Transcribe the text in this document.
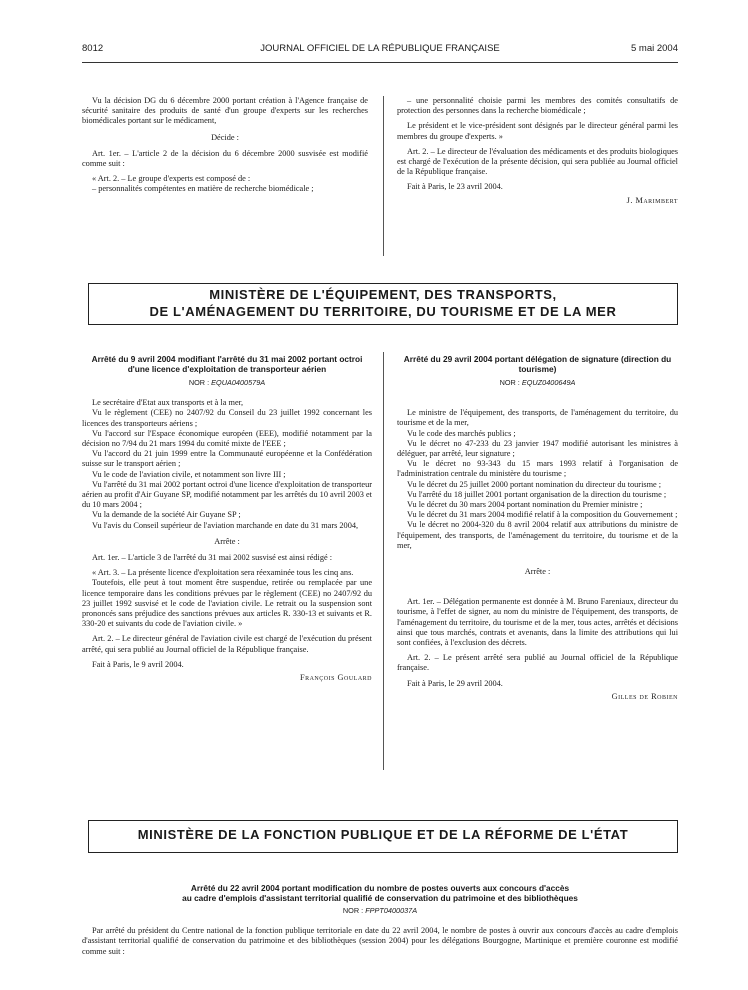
8012	JOURNAL OFFICIEL DE LA RÉPUBLIQUE FRANÇAISE	5 mai 2004

Vu la décision DG du 6 décembre 2000 portant création à l'Agence française de sécurité sanitaire des produits de santé d'un groupe d'experts sur les recherches biomédicales portant sur le médicament,

Décide :

Art. 1er. – L'article 2 de la décision du 6 décembre 2000 susvisée est modifié comme suit :

« Art. 2. – Le groupe d'experts est composé de :

– personnalités compétentes en matière de recherche biomédicale ;

– une personnalité choisie parmi les membres des comités consultatifs de protection des personnes dans la recherche biomédicale ;

Le président et le vice-président sont désignés par le directeur général parmi les membres du groupe d'experts. »

Art. 2. – Le directeur de l'évaluation des médicaments et des produits biologiques est chargé de l'exécution de la présente décision, qui sera publiée au Journal officiel de la République française.

Fait à Paris, le 23 avril 2004.

J. Marimbert

MINISTÈRE DE L'ÉQUIPEMENT, DES TRANSPORTS,
DE L'AMÉNAGEMENT DU TERRITOIRE, DU TOURISME ET DE LA MER
Arrêté du 9 avril 2004 modifiant l'arrêté du 31 mai 2002 portant octroi d'une licence d'exploitation de transporteur aérien
NOR : EQUA0400579A

Le secrétaire d'Etat aux transports et à la mer,

Vu le règlement (CEE) no 2407/92 du Conseil du 23 juillet 1992 concernant les licences des transporteurs aériens ;

Vu l'accord sur l'Espace économique européen (EEE), modifié notamment par la décision no 7/94 du 21 mars 1994 du comité mixte de l'EEE ;

Vu l'accord du 21 juin 1999 entre la Communauté européenne et la Confédération suisse sur le transport aérien ;

Vu le code de l'aviation civile, et notamment son livre III ;

Vu l'arrêté du 31 mai 2002 portant octroi d'une licence d'exploitation de transporteur aérien au profit d'Air Guyane SP, modifié notamment par les arrêtés du 10 avril 2003 et du 10 mars 2004 ;

Vu la demande de la société Air Guyane SP ;

Vu l'avis du Conseil supérieur de l'aviation marchande en date du 31 mars 2004,

Arrête :

Art. 1er. – L'article 3 de l'arrêté du 31 mai 2002 susvisé est ainsi rédigé :

« Art. 3. – La présente licence d'exploitation sera réexaminée tous les cinq ans.

Toutefois, elle peut à tout moment être suspendue, retirée ou remplacée par une licence temporaire dans les conditions prévues par le règlement (CEE) no 2407/92 du 23 juillet 1992 susvisé et le code de l'aviation civile. Le retrait ou la suspension sont prononcés sans préjudice des sanctions prévues aux articles R. 330-13 et suivants et R. 330-20 et suivants du code de l'aviation civile. »

Art. 2. – Le directeur général de l'aviation civile est chargé de l'exécution du présent arrêté, qui sera publié au Journal officiel de la République française.

Fait à Paris, le 9 avril 2004.

François Goulard

Arrêté du 29 avril 2004 portant délégation de signature (direction du tourisme)
NOR : EQUZ0400649A

Le ministre de l'équipement, des transports, de l'aménagement du territoire, du tourisme et de la mer,

Vu le code des marchés publics ;

Vu le décret no 47-233 du 23 janvier 1947 modifié autorisant les ministres à déléguer, par arrêté, leur signature ;

Vu le décret no 93-343 du 15 mars 1993 relatif à l'organisation de l'administration centrale du ministère du tourisme ;

Vu le décret du 25 juillet 2000 portant nomination du directeur du tourisme ;

Vu l'arrêté du 18 juillet 2001 portant organisation de la direction du tourisme ;

Vu le décret du 30 mars 2004 portant nomination du Premier ministre ;

Vu le décret du 31 mars 2004 modifié relatif à la composition du Gouvernement ;

Vu le décret no 2004-320 du 8 avril 2004 relatif aux attributions du ministre de l'équipement, des transports, de l'aménagement du territoire, du tourisme et de la mer,

Arrête :

Art. 1er. – Délégation permanente est donnée à M. Bruno Fareniaux, directeur du tourisme, à l'effet de signer, au nom du ministre de l'équipement, des transports, de l'aménagement du territoire, du tourisme et de la mer, tous actes, arrêtés et décisions ainsi que tous marchés, contrats et avenants, dans la limite des attributions qui lui sont confiées, à l'exclusion des décrets.

Art. 2. – Le présent arrêté sera publié au Journal officiel de la République française.

Fait à Paris, le 29 avril 2004.

Gilles de Robien

MINISTÈRE DE LA FONCTION PUBLIQUE ET DE LA RÉFORME DE L'ÉTAT
Arrêté du 22 avril 2004 portant modification du nombre de postes ouverts aux concours d'accès
au cadre d'emplois d'assistant territorial qualifié de conservation du patrimoine et des bibliothèques
NOR : FPPT0400037A

Par arrêté du président du Centre national de la fonction publique territoriale en date du 22 avril 2004, le nombre de postes à ouvrir aux concours d'accès au cadre d'emplois d'assistant territorial qualifié de conservation du patrimoine et des bibliothèques (session 2004) pour les délégations Bourgogne, Martinique et première couronne est modifié comme suit :
